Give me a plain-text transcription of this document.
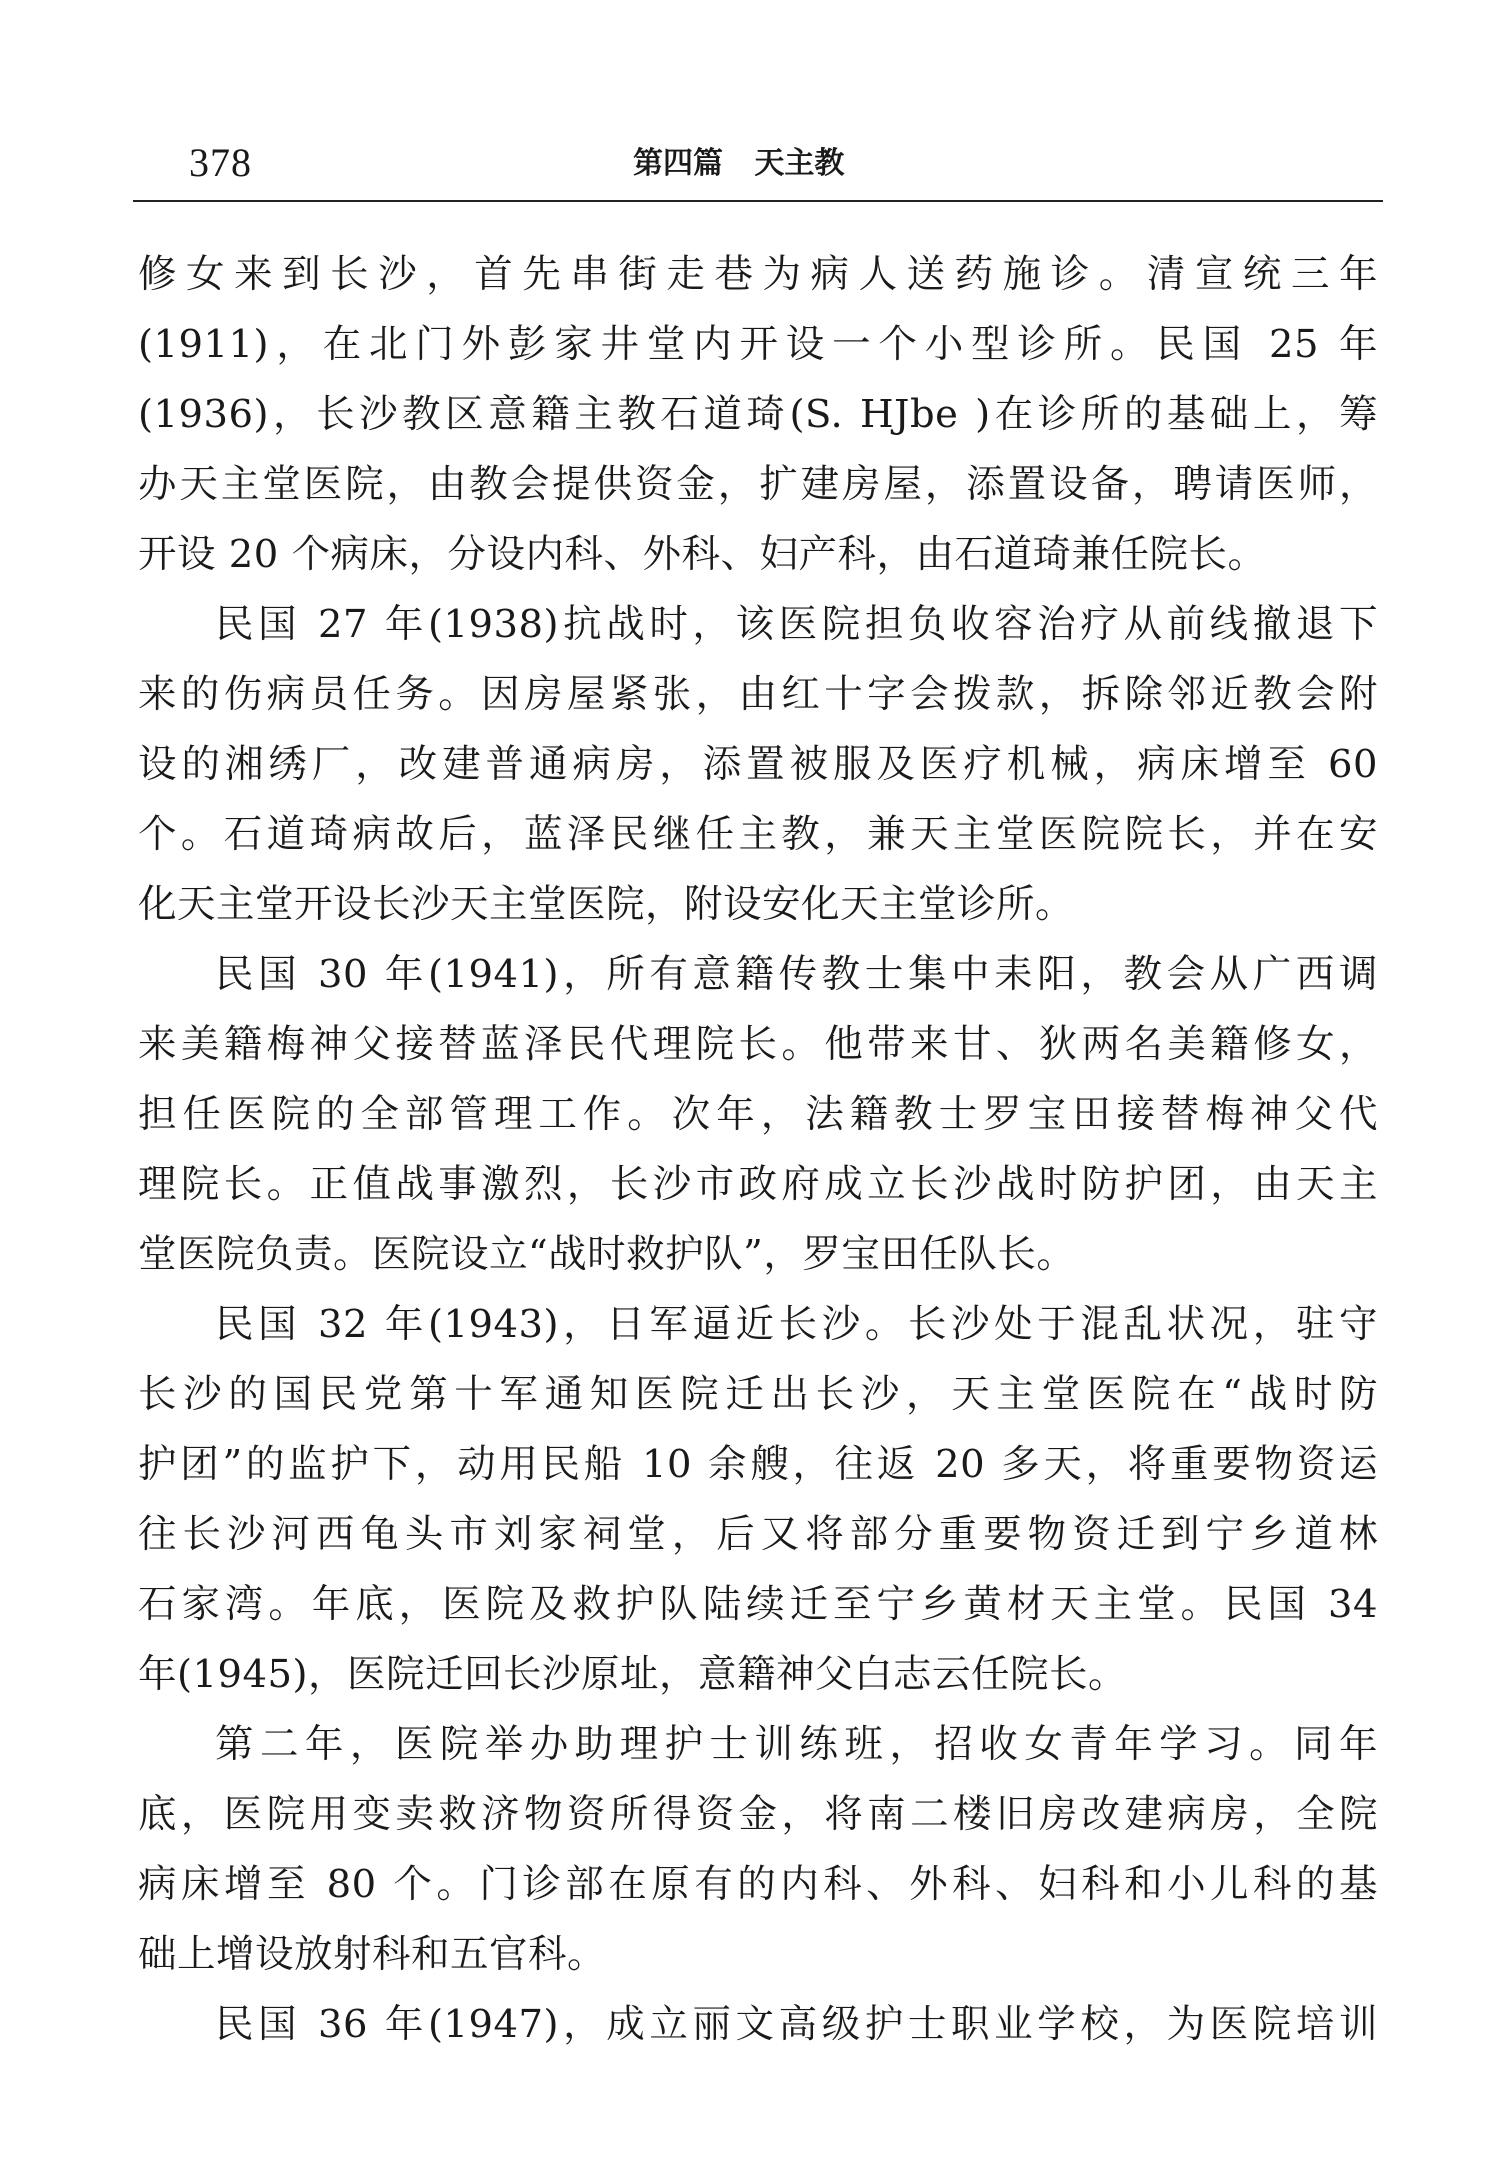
378	第四篇   天主教

修女来到长沙，首先串街走巷为病人送药施诊。清宣统三年

(1911)，在北门外彭家井堂内开设一个小型诊所。民国 25 年

(1936)，长沙教区意籍主教石道琦(S. HJbe )在诊所的基础上，筹

办天主堂医院，由教会提供资金，扩建房屋，添置设备，聘请医师，

开设 20 个病床，分设内科、外科、妇产科，由石道琦兼任院长。

民国 27 年(1938)抗战时，该医院担负收容治疗从前线撤退下

来的伤病员任务。因房屋紧张，由红十字会拨款，拆除邻近教会附

设的湘绣厂，改建普通病房，添置被服及医疗机械，病床增至 60

个。石道琦病故后，蓝泽民继任主教，兼天主堂医院院长，并在安

化天主堂开设长沙天主堂医院，附设安化天主堂诊所。

民国 30 年(1941)，所有意籍传教士集中耒阳，教会从广西调

来美籍梅神父接替蓝泽民代理院长。他带来甘、狄两名美籍修女，

担任医院的全部管理工作。次年，法籍教士罗宝田接替梅神父代

理院长。正值战事激烈，长沙市政府成立长沙战时防护团，由天主

堂医院负责。医院设立“战时救护队”，罗宝田任队长。

民国 32 年(1943)，日军逼近长沙。长沙处于混乱状况，驻守

长沙的国民党第十军通知医院迁出长沙，天主堂医院在“战时防

护团”的监护下，动用民船 10 余艘，往返 20 多天，将重要物资运

往长沙河西龟头市刘家祠堂，后又将部分重要物资迁到宁乡道林

石家湾。年底，医院及救护队陆续迁至宁乡黄材天主堂。民国 34

年(1945)，医院迁回长沙原址，意籍神父白志云任院长。

第二年，医院举办助理护士训练班，招收女青年学习。同年

底，医院用变卖救济物资所得资金，将南二楼旧房改建病房，全院

病床增至 80 个。门诊部在原有的内科、外科、妇科和小儿科的基

础上增设放射科和五官科。

民国 36 年(1947)，成立丽文高级护士职业学校，为医院培训
